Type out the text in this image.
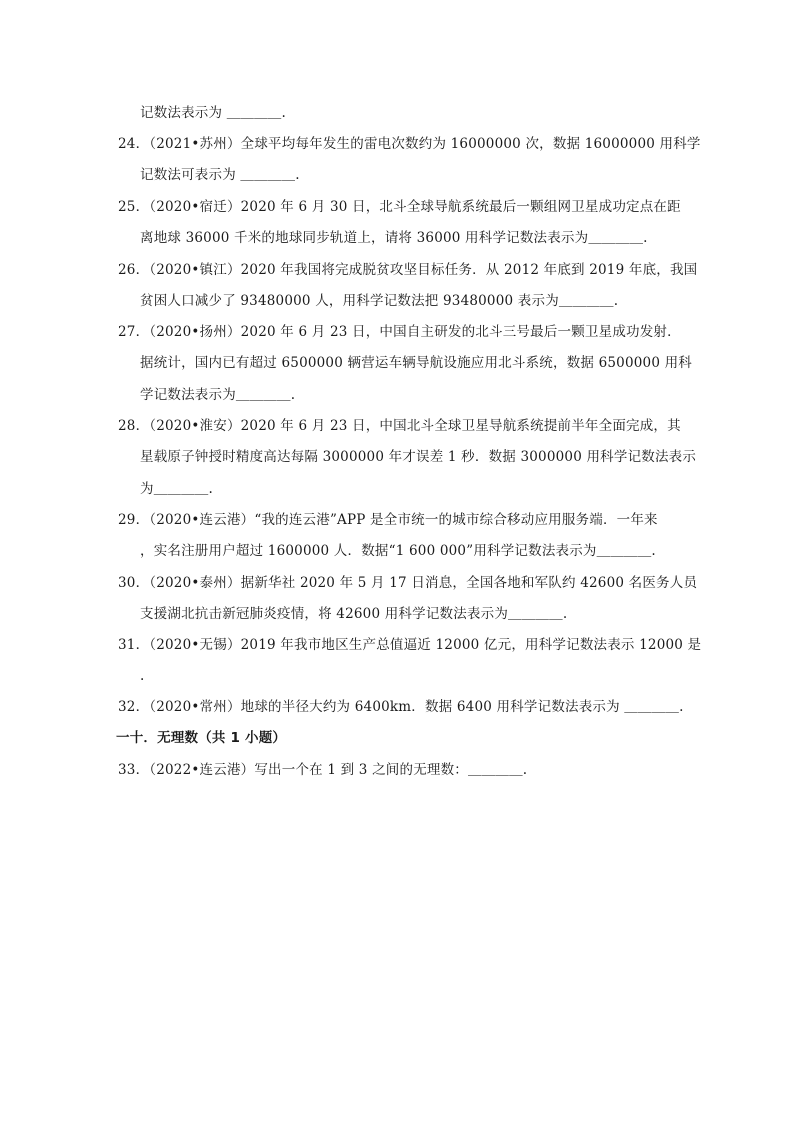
记数法表示为 ＿＿＿＿.
24．（2021•苏州）全球平均每年发生的雷电次数约为 16000000 次，数据 16000000 用科学
记数法可表示为 ＿＿＿＿.
25．（2020•宿迁）2020 年 6 月 30 日，北斗全球导航系统最后一颗组网卫星成功定点在距
离地球 36000 千米的地球同步轨道上，请将 36000 用科学记数法表示为＿＿＿＿.
26．（2020•镇江）2020 年我国将完成脱贫攻坚目标任务．从 2012 年底到 2019 年底，我国
贫困人口减少了 93480000 人，用科学记数法把 93480000 表示为＿＿＿＿.
27．（2020•扬州）2020 年 6 月 23 日，中国自主研发的北斗三号最后一颗卫星成功发射．
据统计，国内已有超过 6500000 辆营运车辆导航设施应用北斗系统，数据 6500000 用科
学记数法表示为＿＿＿＿.
28．（2020•淮安）2020 年 6 月 23 日，中国北斗全球卫星导航系统提前半年全面完成，其
星载原子钟授时精度高达每隔 3000000 年才误差 1 秒．数据 3000000 用科学记数法表示
为＿＿＿＿.
29．（2020•连云港）“我的连云港”APP 是全市统一的城市综合移动应用服务端．一年来
，实名注册用户超过 1600000 人．数据“1 600 000”用科学记数法表示为＿＿＿＿.
30．（2020•泰州）据新华社 2020 年 5 月 17 日消息，全国各地和军队约 42600 名医务人员
支援湖北抗击新冠肺炎疫情，将 42600 用科学记数法表示为＿＿＿＿.
31．（2020•无锡）2019 年我市地区生产总值逼近 12000 亿元，用科学记数法表示 12000 是
.
32．（2020•常州）地球的半径大约为 6400km．数据 6400 用科学记数法表示为 ＿＿＿＿.
一十．无理数（共 1 小题）
33．（2022•连云港）写出一个在 1 到 3 之间的无理数：＿＿＿＿.
